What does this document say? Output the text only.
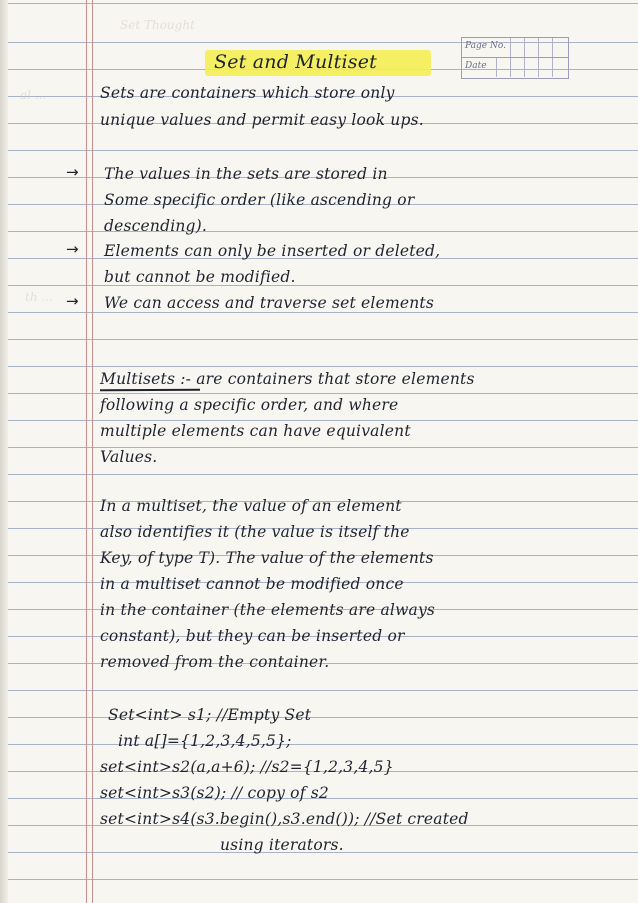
Page No.
Date
Set Thought
al ...
th ...
Set and Multiset
Sets are containers which store only
unique values and permit easy look ups.
→ The values in the sets are stored in
Some specific order (like ascending or
descending).
→ Elements can only be inserted or deleted,
but cannot be modified.
→ We can access and traverse set elements
Multisets :- are containers that store elements
following a specific order, and where
multiple elements can have equivalent
Values.
In a multiset, the value of an element
also identifies it (the value is itself the
Key, of type T). The value of the elements
in a multiset cannot be modified once
in the container (the elements are always
constant), but they can be inserted or
removed from the container.
Set<int> s1; //Empty Set
int a[]={1,2,3,4,5,5};
set<int>s2(a,a+6); //s2={1,2,3,4,5}
set<int>s3(s2); // copy of s2
set<int>s4(s3.begin(),s3.end()); //Set created
using iterators.
